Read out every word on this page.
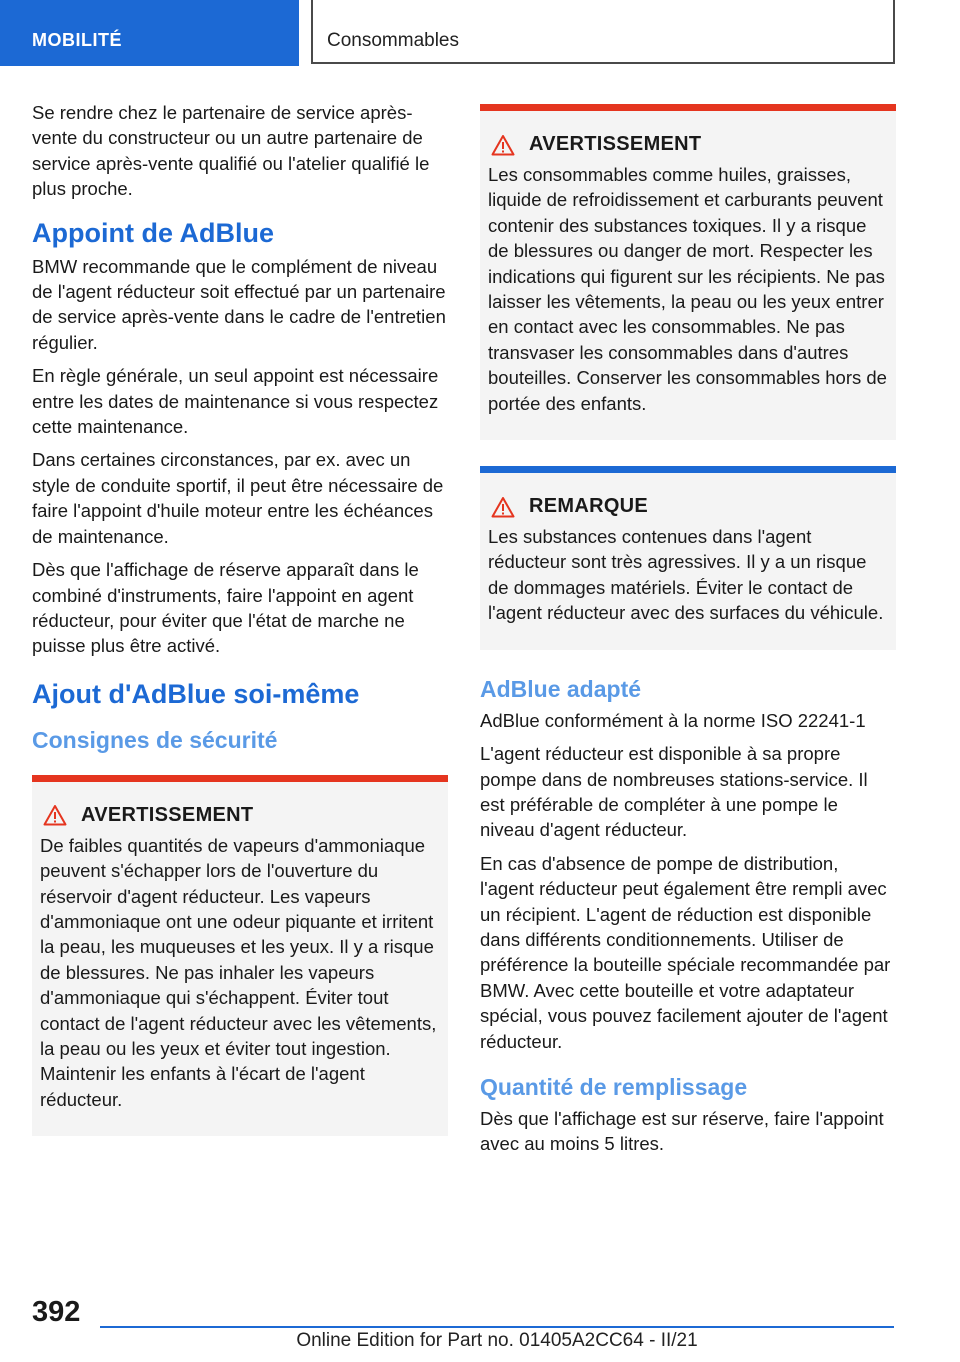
MOBILITÉ	Consommables

Se rendre chez le partenaire de service après-vente du constructeur ou un autre partenaire de service après-vente qualifié ou l'atelier qualifié le plus proche.

Appoint de AdBlue

BMW recommande que le complément de niveau de l'agent réducteur soit effectué par un partenaire de service après-vente dans le cadre de l'entretien régulier.

En règle générale, un seul appoint est nécessaire entre les dates de maintenance si vous respectez cette maintenance.

Dans certaines circonstances, par ex. avec un style de conduite sportif, il peut être nécessaire de faire l'appoint d'huile moteur entre les échéances de maintenance.

Dès que l'affichage de réserve apparaît dans le combiné d'instruments, faire l'appoint en agent réducteur, pour éviter que l'état de marche ne puisse plus être activé.

Ajout d'AdBlue soi-même
Consignes de sécurité
AVERTISSEMENT

De faibles quantités de vapeurs d'ammoniaque peuvent s'échapper lors de l'ouverture du réservoir d'agent réducteur. Les vapeurs d'ammoniaque ont une odeur piquante et irritent la peau, les muqueuses et les yeux. Il y a risque de blessures. Ne pas inhaler les vapeurs d'ammoniaque qui s'échappent. Éviter tout contact de l'agent réducteur avec les vêtements, la peau ou les yeux et éviter tout ingestion. Maintenir les enfants à l'écart de l'agent réducteur.

AVERTISSEMENT

Les consommables comme huiles, graisses, liquide de refroidissement et carburants peuvent contenir des substances toxiques. Il y a risque de blessures ou danger de mort. Respecter les indications qui figurent sur les récipients. Ne pas laisser les vêtements, la peau ou les yeux entrer en contact avec les consommables. Ne pas transvaser les consommables dans d'autres bouteilles. Conserver les consommables hors de portée des enfants.

REMARQUE

Les substances contenues dans l'agent réducteur sont très agressives. Il y a un risque de dommages matériels. Éviter le contact de l'agent réducteur avec des surfaces du véhicule.

AdBlue adapté

AdBlue conformément à la norme ISO 22241-1

L'agent réducteur est disponible à sa propre pompe dans de nombreuses stations-service. Il est préférable de compléter à une pompe le niveau d'agent réducteur.

En cas d'absence de pompe de distribution, l'agent réducteur peut également être rempli avec un récipient. L'agent de réduction est disponible dans différents conditionnements. Utiliser de préférence la bouteille spéciale recommandée par BMW. Avec cette bouteille et votre adaptateur spécial, vous pouvez facilement ajouter de l'agent réducteur.

Quantité de remplissage

Dès que l'affichage est sur réserve, faire l'appoint avec au moins 5 litres.

392
Online Edition for Part no. 01405A2CC64 - II/21
